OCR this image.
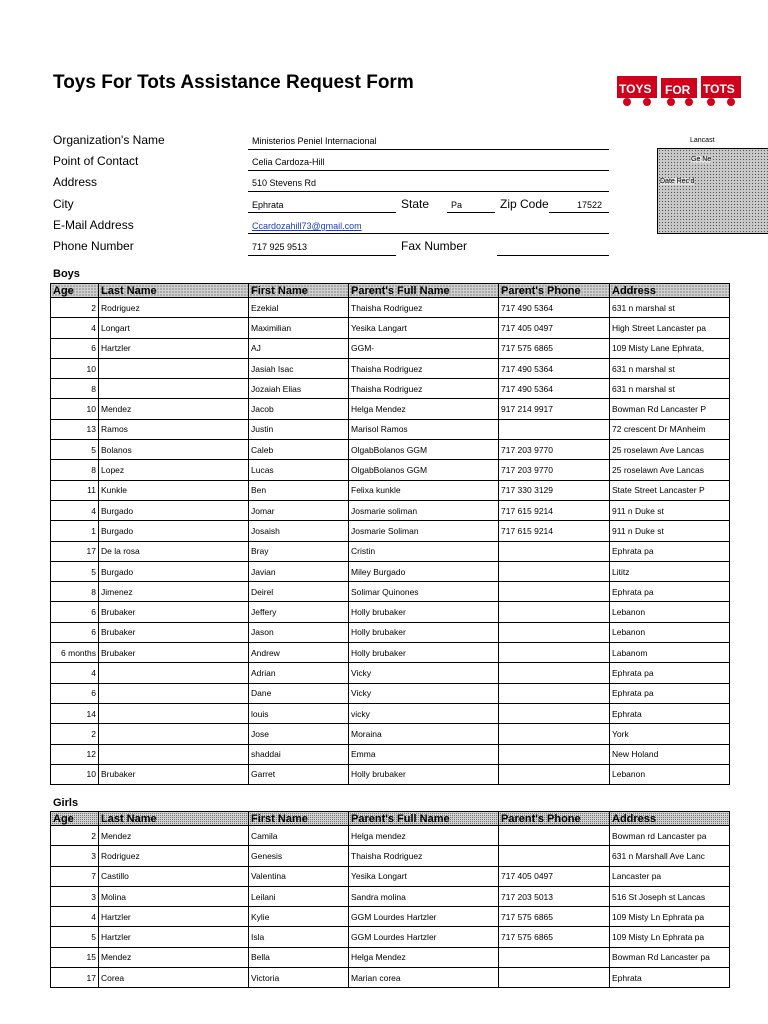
Toys For Tots Assistance Request Form	TOYS FOR TOTS
Organization's Name	Ministerios Peniel Internacional
Point of Contact	Celia Cardoza-Hill
Address	510 Stevens Rd
City	Ephrata	State Pa	Zip Code	17522
E-Mail Address	Ccardozahill73@gmail.com
Phone Number	717 925 9513	Fax Number
Lancast
Ge Ne
Date Rec'd
Boys
Age	Last Name	First Name	Parent's Full Name	Parent's Phone	Address
2	Rodriguez	Ezekial	Thaisha Rodriguez	717 490 5364	631 n marshal st
4	Longart	Maximilian	Yesika Langart	717 405 0497	High Street Lancaster pa
6	Hartzler	AJ	GGM-	717 575 6865	109 Misty Lane Ephrata,
10		Jasiah Isac	Thaisha Rodriguez	717 490 5364	631 n marshal st
8		Jozaiah Elias	Thaisha Rodriguez	717 490 5364	631 n marshal st
10	Mendez	Jacob	Helga Mendez	917 214 9917	Bowman Rd Lancaster P
13	Ramos	Justin	Marisol Ramos		72 crescent Dr MAnheim
5	Bolanos	Caleb	OlgabBolanos GGM	717 203 9770	25 roselawn Ave Lancas
8	Lopez	Lucas	OlgabBolanos GGM	717 203 9770	25 roselawn Ave Lancas
11	Kunkle	Ben	Felixa kunkle	717 330 3129	State Street Lancaster P
4	Burgado	Jomar	Josmarie soliman	717 615 9214	911 n Duke st
1	Burgado	Josaish	Josmarie Soliman	717 615 9214	911 n Duke st
17	De la rosa	Bray	Cristin		Ephrata pa
5	Burgado	Javian	Miley Burgado		Lititz
8	Jimenez	Deirel	Solimar Quinones		Ephrata pa
6	Brubaker	Jeffery	Holly brubaker		Lebanon
6	Brubaker	Jason	Holly brubaker		Lebanon
6 months	Brubaker	Andrew	Holly brubaker		Labanom
4		Adrian	Vicky		Ephrata pa
6		Dane	Vicky		Ephrata pa
14		louis	vicky		Ephrata
2		Jose	Moraina		York
12		shaddai	Emma		New Holand
10	Brubaker	Garret	Holly brubaker		Lebanon
Girls
Age	Last Name	First Name	Parent's Full Name	Parent's Phone	Address
2	Mendez	Camila	Helga mendez		Bowman rd Lancaster pa
3	Rodriguez	Genesis	Thaisha Rodriguez		631 n Marshall Ave Lanc
7	Castillo	Valentina	Yesika Longart	717 405 0497	Lancaster pa
3	Molina	Leilani	Sandra molina	717 203 5013	516 St Joseph st Lancas
4	Hartzler	Kylie	GGM Lourdes Hartzler	717 575 6865	109 Misty Ln Ephrata pa
5	Hartzler	Isla	GGM Lourdes Hartzler	717 575 6865	109 Misty Ln Ephrata pa
15	Mendez	Bella	Helga Mendez		Bowman Rd Lancaster pa
17	Corea	Victoria	Marian corea		Ephrata
